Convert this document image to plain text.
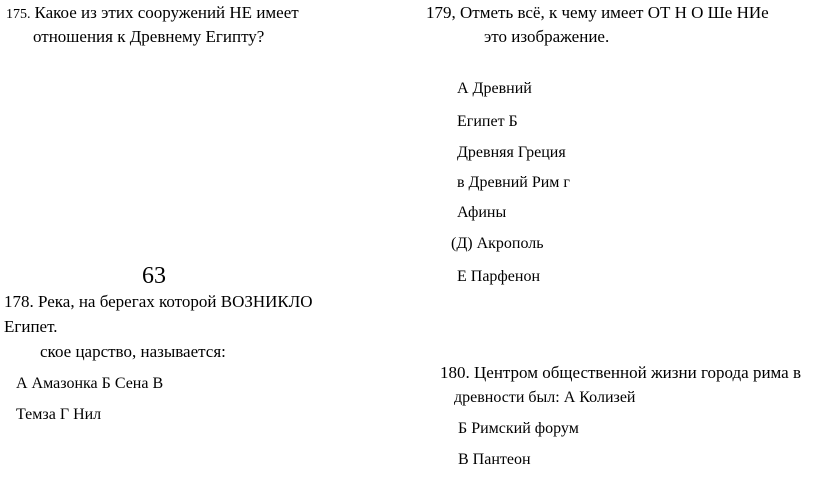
175. Какое из этих сооружений НЕ имеет
отношения к Древнему Египту?
63
178. Река, на берегах которой ВОЗНИКЛО
Египет.
ское царство, называется:
А Амазонка Б Сена В
Темза Г Нил
179, Отметь всё, к чему имеет ОТ Н О Ше НИе
это изображение.
А Древний
Египет Б
Древняя Греция
в Древний Рим г
Афины
(Д) Акрополь
Е Парфенон
180. Центром общественной жизни города рима в
древности был: А Колизей
Б Римский форум
В Пантеон
